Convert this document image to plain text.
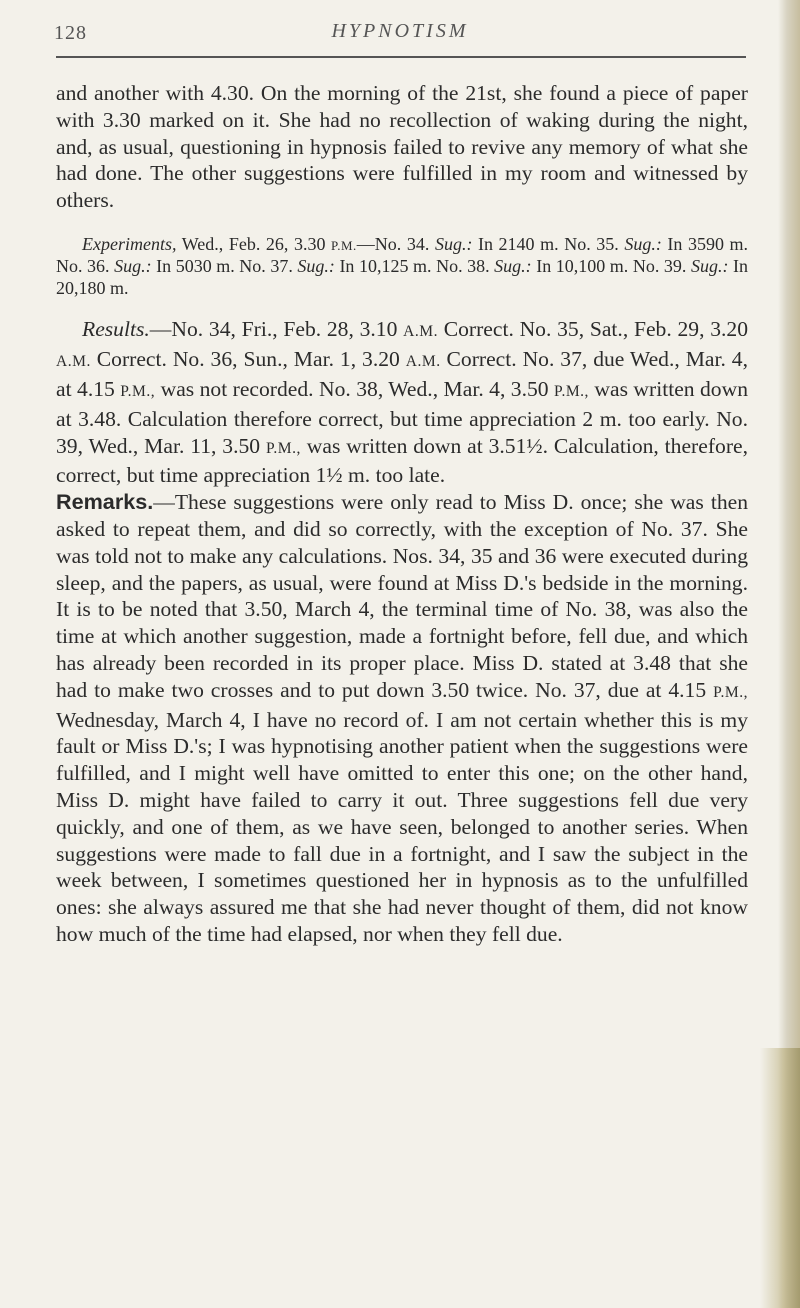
128	HYPNOTISM

and another with 4.30. On the morning of the 21st, she found a piece of paper with 3.30 marked on it. She had no recollection of waking during the night, and, as usual, questioning in hypnosis failed to revive any memory of what she had done. The other suggestions were fulfilled in my room and witnessed by others.

Experiments, Wed., Feb. 26, 3.30 P.M.—No. 34. Sug.: In 2140 m. No. 35. Sug.: In 3590 m. No. 36. Sug.: In 5030 m. No. 37. Sug.: In 10,125 m. No. 38. Sug.: In 10,100 m. No. 39. Sug.: In 20,180 m.

Results.—No. 34, Fri., Feb. 28, 3.10 A.M. Correct. No. 35, Sat., Feb. 29, 3.20 A.M. Correct. No. 36, Sun., Mar. 1, 3.20 A.M. Correct. No. 37, due Wed., Mar. 4, at 4.15 P.M., was not recorded. No. 38, Wed., Mar. 4, 3.50 P.M., was written down at 3.48. Calculation therefore correct, but time appreciation 2 m. too early. No. 39, Wed., Mar. 11, 3.50 P.M., was written down at 3.51½. Calculation, therefore, correct, but time appreciation 1½ m. too late.

Remarks.—These suggestions were only read to Miss D. once; she was then asked to repeat them, and did so correctly, with the exception of No. 37. She was told not to make any calculations. Nos. 34, 35 and 36 were executed during sleep, and the papers, as usual, were found at Miss D.'s bedside in the morning. It is to be noted that 3.50, March 4, the terminal time of No. 38, was also the time at which another suggestion, made a fortnight before, fell due, and which has already been recorded in its proper place. Miss D. stated at 3.48 that she had to make two crosses and to put down 3.50 twice. No. 37, due at 4.15 P.M., Wednesday, March 4, I have no record of. I am not certain whether this is my fault or Miss D.'s; I was hypnotising another patient when the suggestions were fulfilled, and I might well have omitted to enter this one; on the other hand, Miss D. might have failed to carry it out. Three suggestions fell due very quickly, and one of them, as we have seen, belonged to another series. When suggestions were made to fall due in a fortnight, and I saw the subject in the week between, I sometimes questioned her in hypnosis as to the unfulfilled ones: she always assured me that she had never thought of them, did not know how much of the time had elapsed, nor when they fell due.
